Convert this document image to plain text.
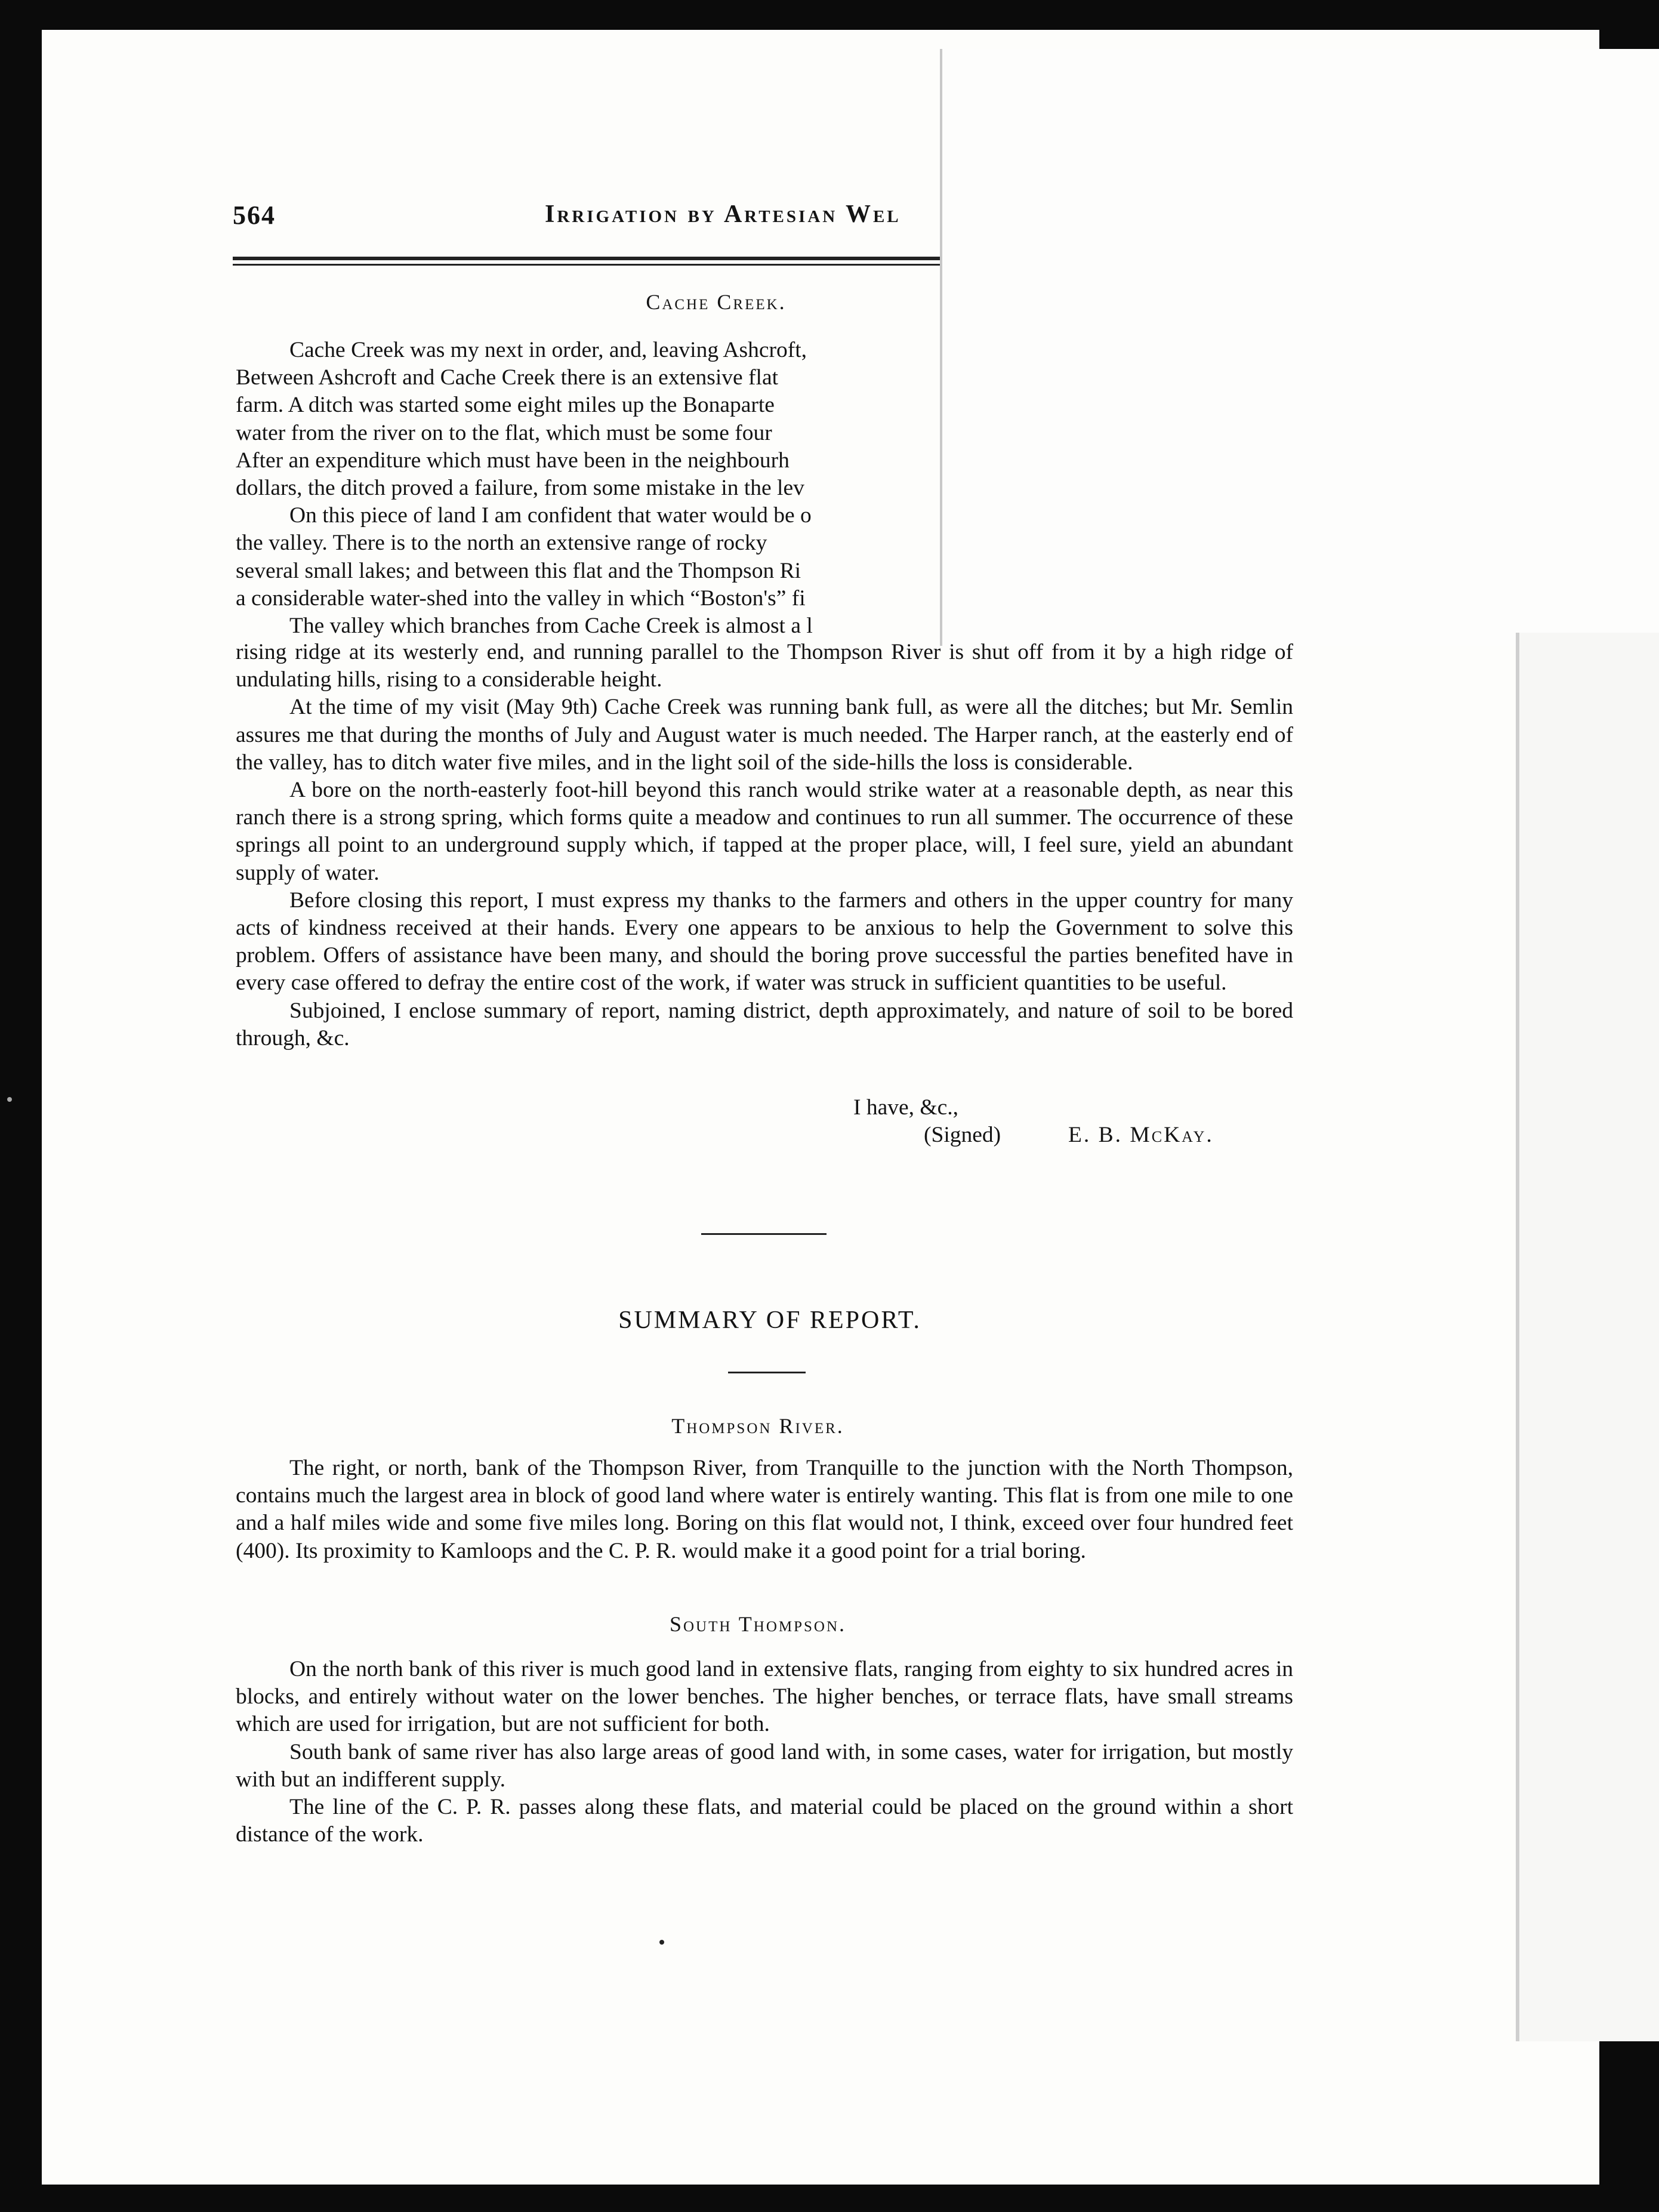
564	Irrigation by Artesian Wel
Cache Creek.

Cache Creek was my next in order, and, leaving Ashcroft,
Between Ashcroft and Cache Creek there is an extensive flat
farm. A ditch was started some eight miles up the Bonaparte
water from the river on to the flat, which must be some four
After an expenditure which must have been in the neighbourh
dollars, the ditch proved a failure, from some mistake in the lev

On this piece of land I am confident that water would be o
the valley. There is to the north an extensive range of rocky
several small lakes; and between this flat and the Thompson Ri
a considerable water-shed into the valley in which “Boston's” fi

The valley which branches from Cache Creek is almost a l

rising ridge at its westerly end, and running parallel to the Thompson River is shut off from it by a high ridge of undulating hills, rising to a considerable height.

At the time of my visit (May 9th) Cache Creek was running bank full, as were all the ditches; but Mr. Semlin assures me that during the months of July and August water is much needed. The Harper ranch, at the easterly end of the valley, has to ditch water five miles, and in the light soil of the side-hills the loss is considerable.

A bore on the north-easterly foot-hill beyond this ranch would strike water at a reasonable depth, as near this ranch there is a strong spring, which forms quite a meadow and continues to run all summer. The occurrence of these springs all point to an underground supply which, if tapped at the proper place, will, I feel sure, yield an abundant supply of water.

Before closing this report, I must express my thanks to the farmers and others in the upper country for many acts of kindness received at their hands. Every one appears to be anxious to help the Government to solve this problem. Offers of assistance have been many, and should the boring prove successful the parties benefited have in every case offered to defray the entire cost of the work, if water was struck in sufficient quantities to be useful.

Subjoined, I enclose summary of report, naming district, depth approximately, and nature of soil to be bored through, &c.

I have, &c.,
(Signed)	E. B. McKay.
SUMMARY OF REPORT.
Thompson River.

The right, or north, bank of the Thompson River, from Tranquille to the junction with the North Thompson, contains much the largest area in block of good land where water is entirely wanting. This flat is from one mile to one and a half miles wide and some five miles long. Boring on this flat would not, I think, exceed over four hundred feet (400). Its proximity to Kamloops and the C. P. R. would make it a good point for a trial boring.

South Thompson.

On the north bank of this river is much good land in extensive flats, ranging from eighty to six hundred acres in blocks, and entirely without water on the lower benches. The higher benches, or terrace flats, have small streams which are used for irrigation, but are not sufficient for both.

South bank of same river has also large areas of good land with, in some cases, water for irrigation, but mostly with but an indifferent supply.

The line of the C. P. R. passes along these flats, and material could be placed on the ground within a short distance of the work.
